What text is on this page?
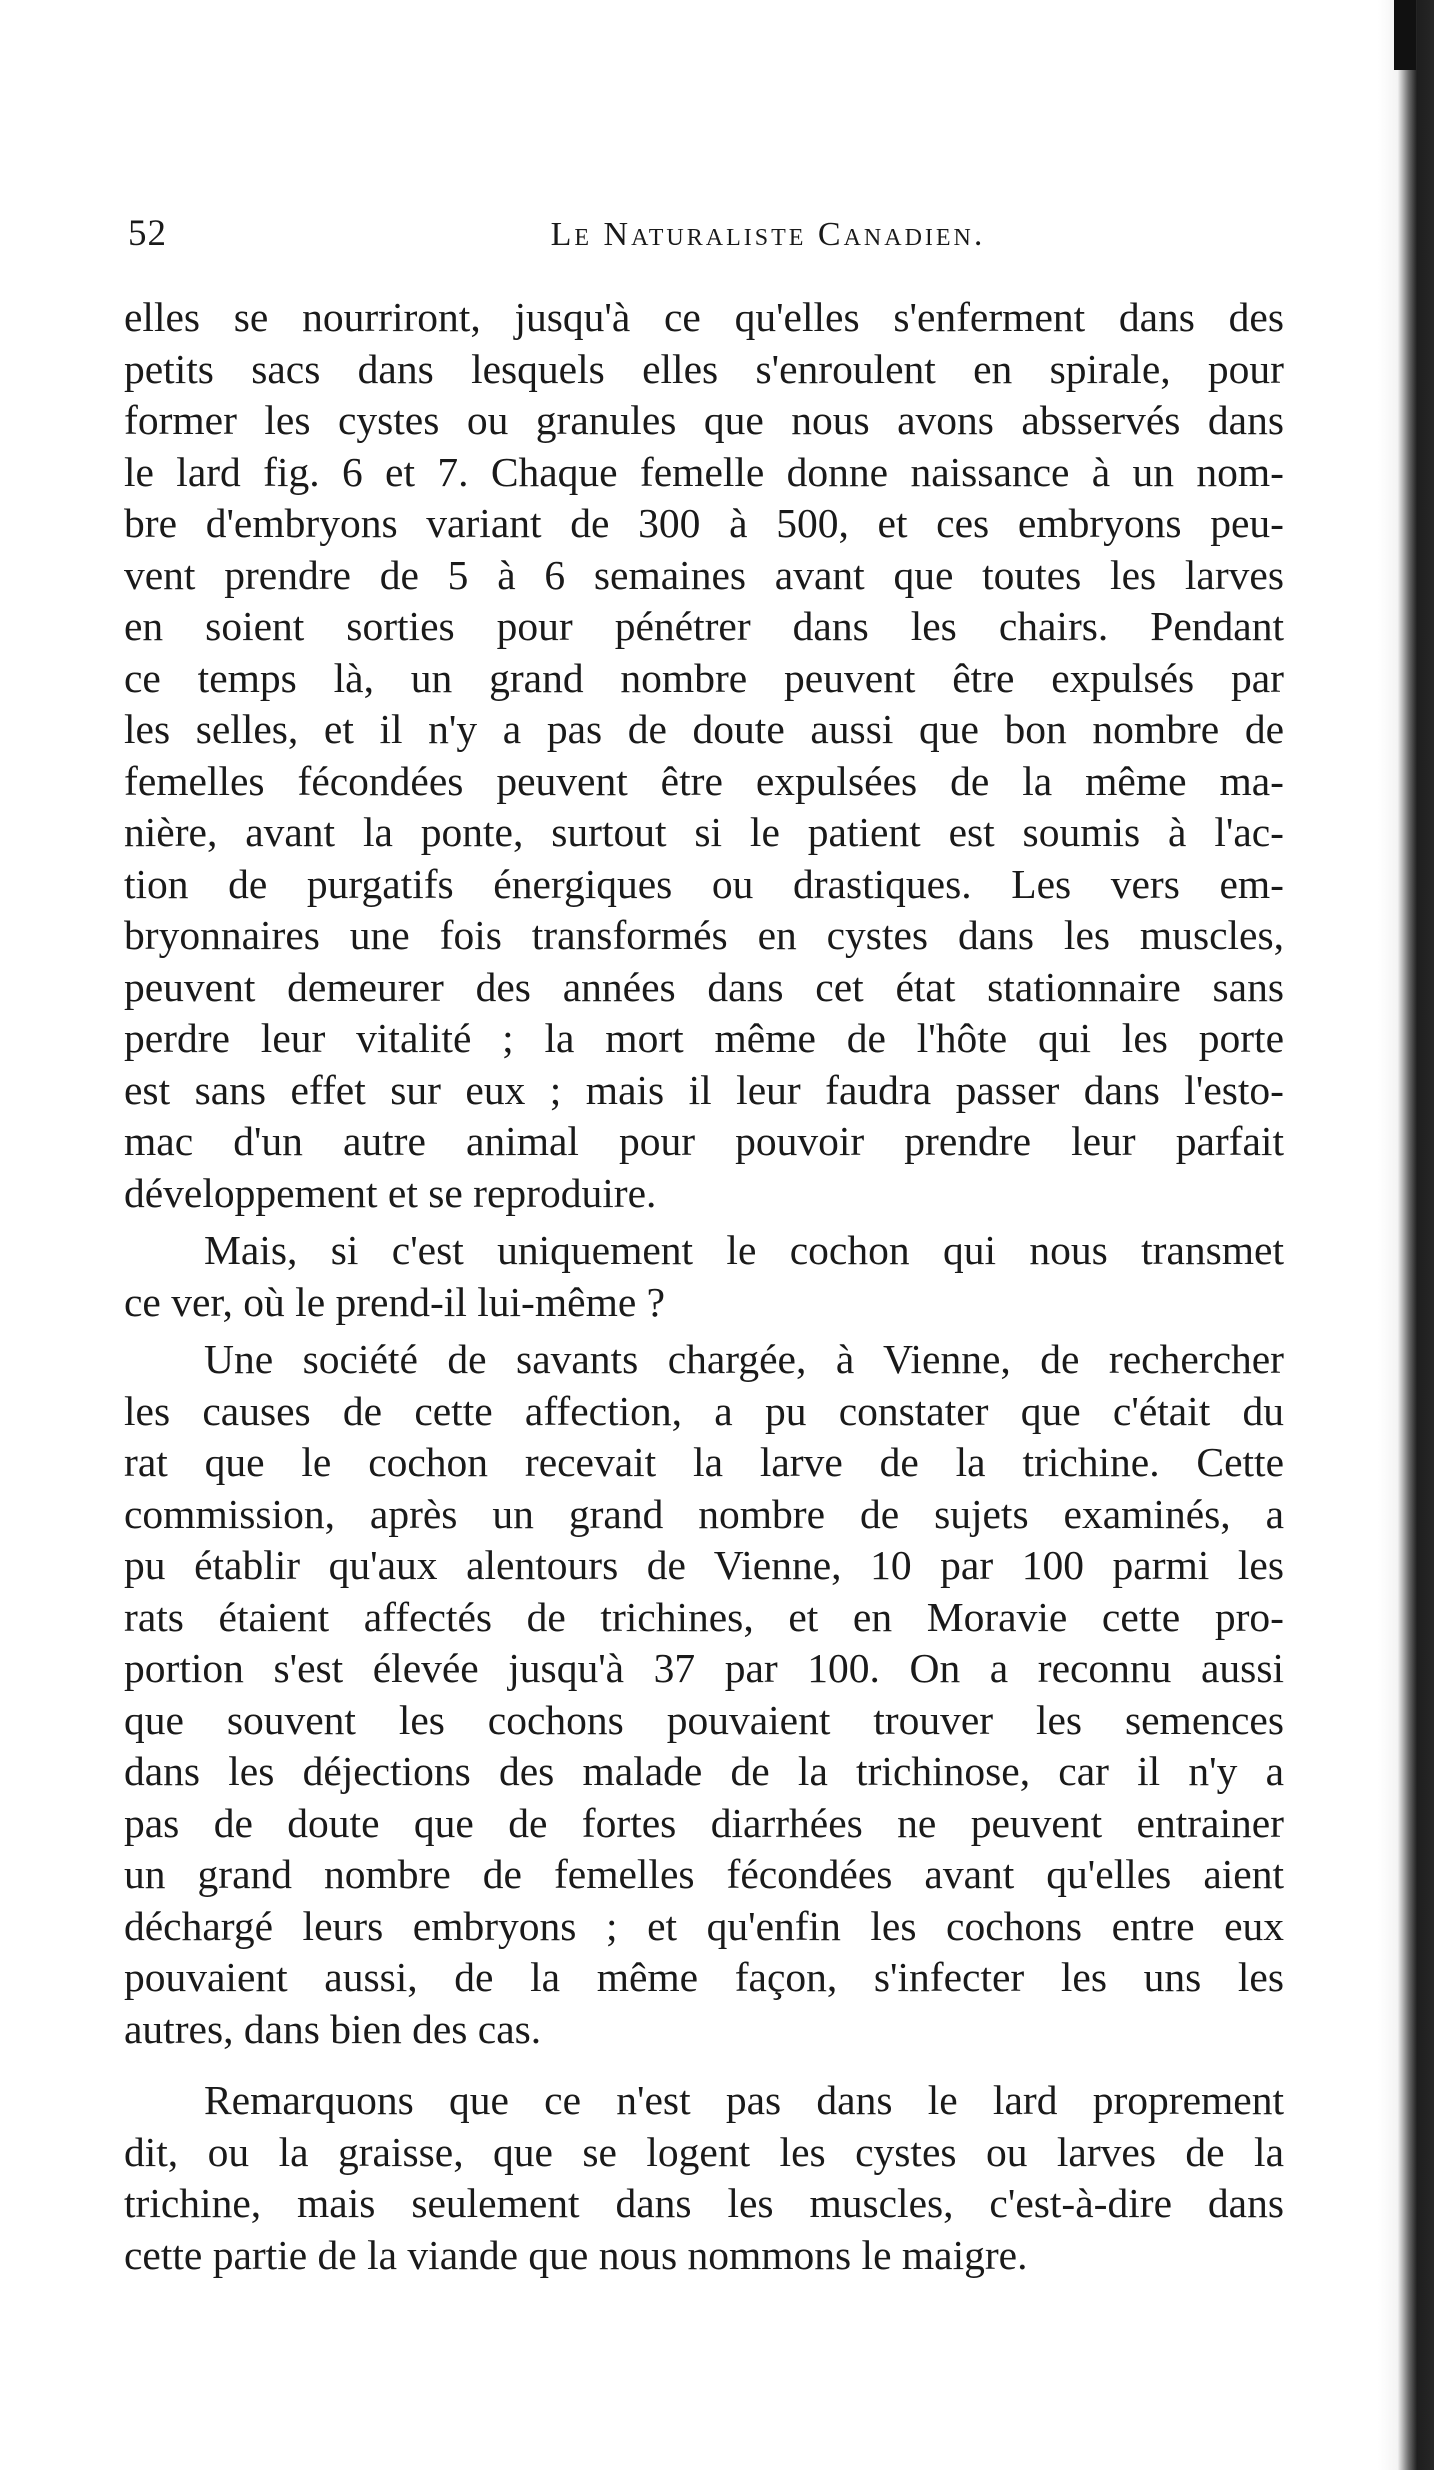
52	Le Naturaliste Canadien.

elles se nourriront, jusqu'à ce qu'elles s'enferment dans des
petits sacs dans lesquels elles s'enroulent en spirale, pour
former les cystes ou granules que nous avons absservés dans
le lard fig. 6 et 7. Chaque femelle donne naissance à un nom-
bre d'embryons variant de 300 à 500, et ces embryons peu-
vent prendre de 5 à 6 semaines avant que toutes les larves
en soient sorties pour pénétrer dans les chairs. Pendant
ce temps là, un grand nombre peuvent être expulsés par
les selles, et il n'y a pas de doute aussi que bon nombre de
femelles fécondées peuvent être expulsées de la même ma-
nière, avant la ponte, surtout si le patient est soumis à l'ac-
tion de purgatifs énergiques ou drastiques. Les vers em-
bryonnaires une fois transformés en cystes dans les muscles,
peuvent demeurer des années dans cet état stationnaire sans
perdre leur vitalité ; la mort même de l'hôte qui les porte
est sans effet sur eux ; mais il leur faudra passer dans l'esto-
mac d'un autre animal pour pouvoir prendre leur parfait
développement et se reproduire.

Mais, si c'est uniquement le cochon qui nous transmet
ce ver, où le prend-il lui-même ?

Une société de savants chargée, à Vienne, de rechercher
les causes de cette affection, a pu constater que c'était du
rat que le cochon recevait la larve de la trichine. Cette
commission, après un grand nombre de sujets examinés, a
pu établir qu'aux alentours de Vienne, 10 par 100 parmi les
rats étaient affectés de trichines, et en Moravie cette pro-
portion s'est élevée jusqu'à 37 par 100. On a reconnu aussi
que souvent les cochons pouvaient trouver les semences
dans les déjections des malade de la trichinose, car il n'y a
pas de doute que de fortes diarrhées ne peuvent entrainer
un grand nombre de femelles fécondées avant qu'elles aient
déchargé leurs embryons ; et qu'enfin les cochons entre eux
pouvaient aussi, de la même façon, s'infecter les uns les
autres, dans bien des cas.

Remarquons que ce n'est pas dans le lard proprement
dit, ou la graisse, que se logent les cystes ou larves de la
trichine, mais seulement dans les muscles, c'est-à-dire dans
cette partie de la viande que nous nommons le maigre.
